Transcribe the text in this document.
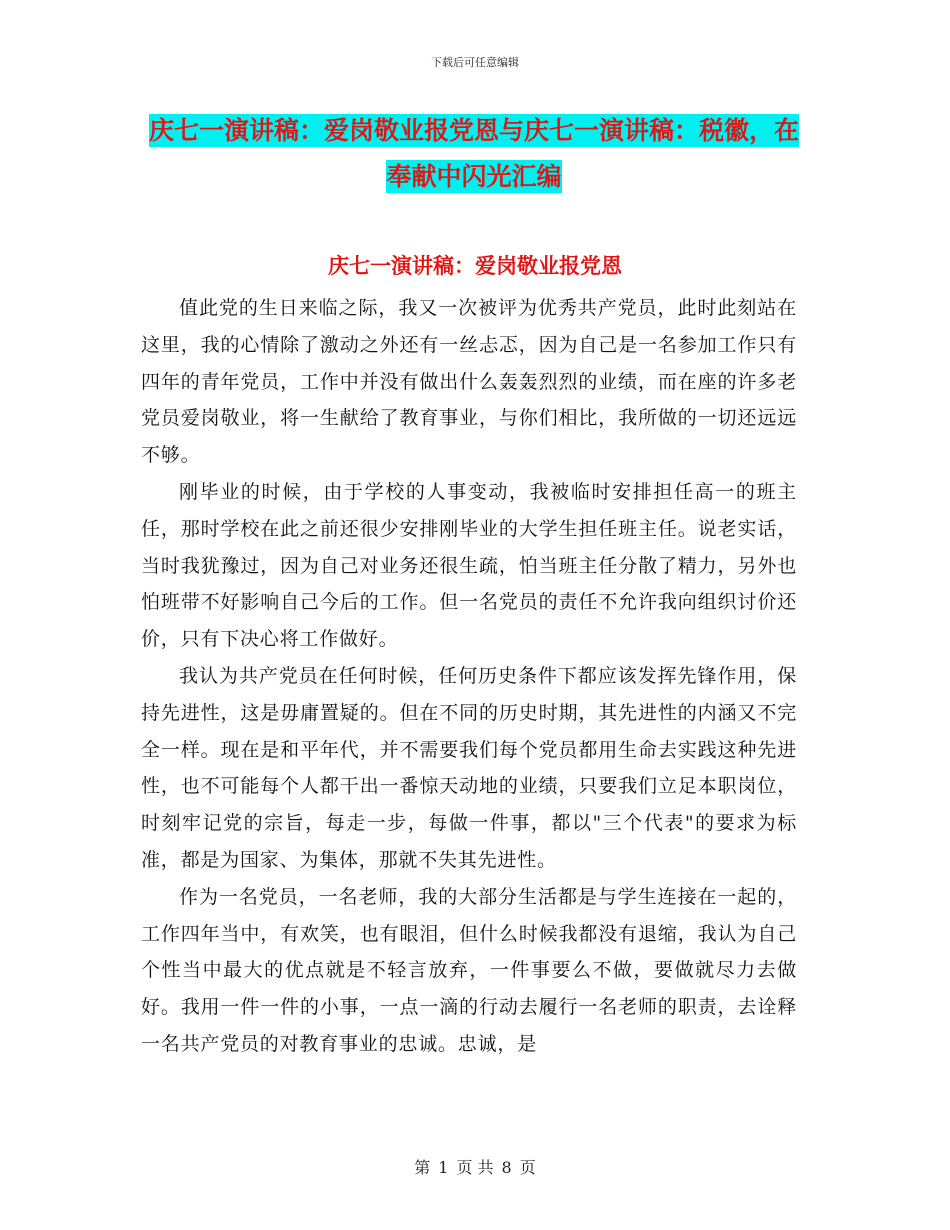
下载后可任意编辑
庆七一演讲稿：爱岗敬业报党恩与庆七一演讲稿：税徽，在奉献中闪光汇编
庆七一演讲稿：爱岗敬业报党恩

值此党的生日来临之际，我又一次被评为优秀共产党员，此时此刻站在这里，我的心情除了激动之外还有一丝忐忑，因为自己是一名参加工作只有四年的青年党员，工作中并没有做出什么轰轰烈烈的业绩，而在座的许多老党员爱岗敬业，将一生献给了教育事业，与你们相比，我所做的一切还远远不够。

刚毕业的时候，由于学校的人事变动，我被临时安排担任高一的班主任，那时学校在此之前还很少安排刚毕业的大学生担任班主任。说老实话，当时我犹豫过，因为自己对业务还很生疏，怕当班主任分散了精力，另外也怕班带不好影响自己今后的工作。但一名党员的责任不允许我向组织讨价还价，只有下决心将工作做好。

我认为共产党员在任何时候，任何历史条件下都应该发挥先锋作用，保持先进性，这是毋庸置疑的。但在不同的历史时期，其先进性的内涵又不完全一样。现在是和平年代，并不需要我们每个党员都用生命去实践这种先进性，也不可能每个人都干出一番惊天动地的业绩，只要我们立足本职岗位，时刻牢记党的宗旨，每走一步，每做一件事，都以"三个代表"的要求为标准，都是为国家、为集体，那就不失其先进性。

作为一名党员，一名老师，我的大部分生活都是与学生连接在一起的，工作四年当中，有欢笑，也有眼泪，但什么时候我都没有退缩，我认为自己个性当中最大的优点就是不轻言放弃，一件事要么不做，要做就尽力去做好。我用一件一件的小事，一点一滴的行动去履行一名老师的职责，去诠释一名共产党员的对教育事业的忠诚。忠诚，是

第 1 页 共 8 页
